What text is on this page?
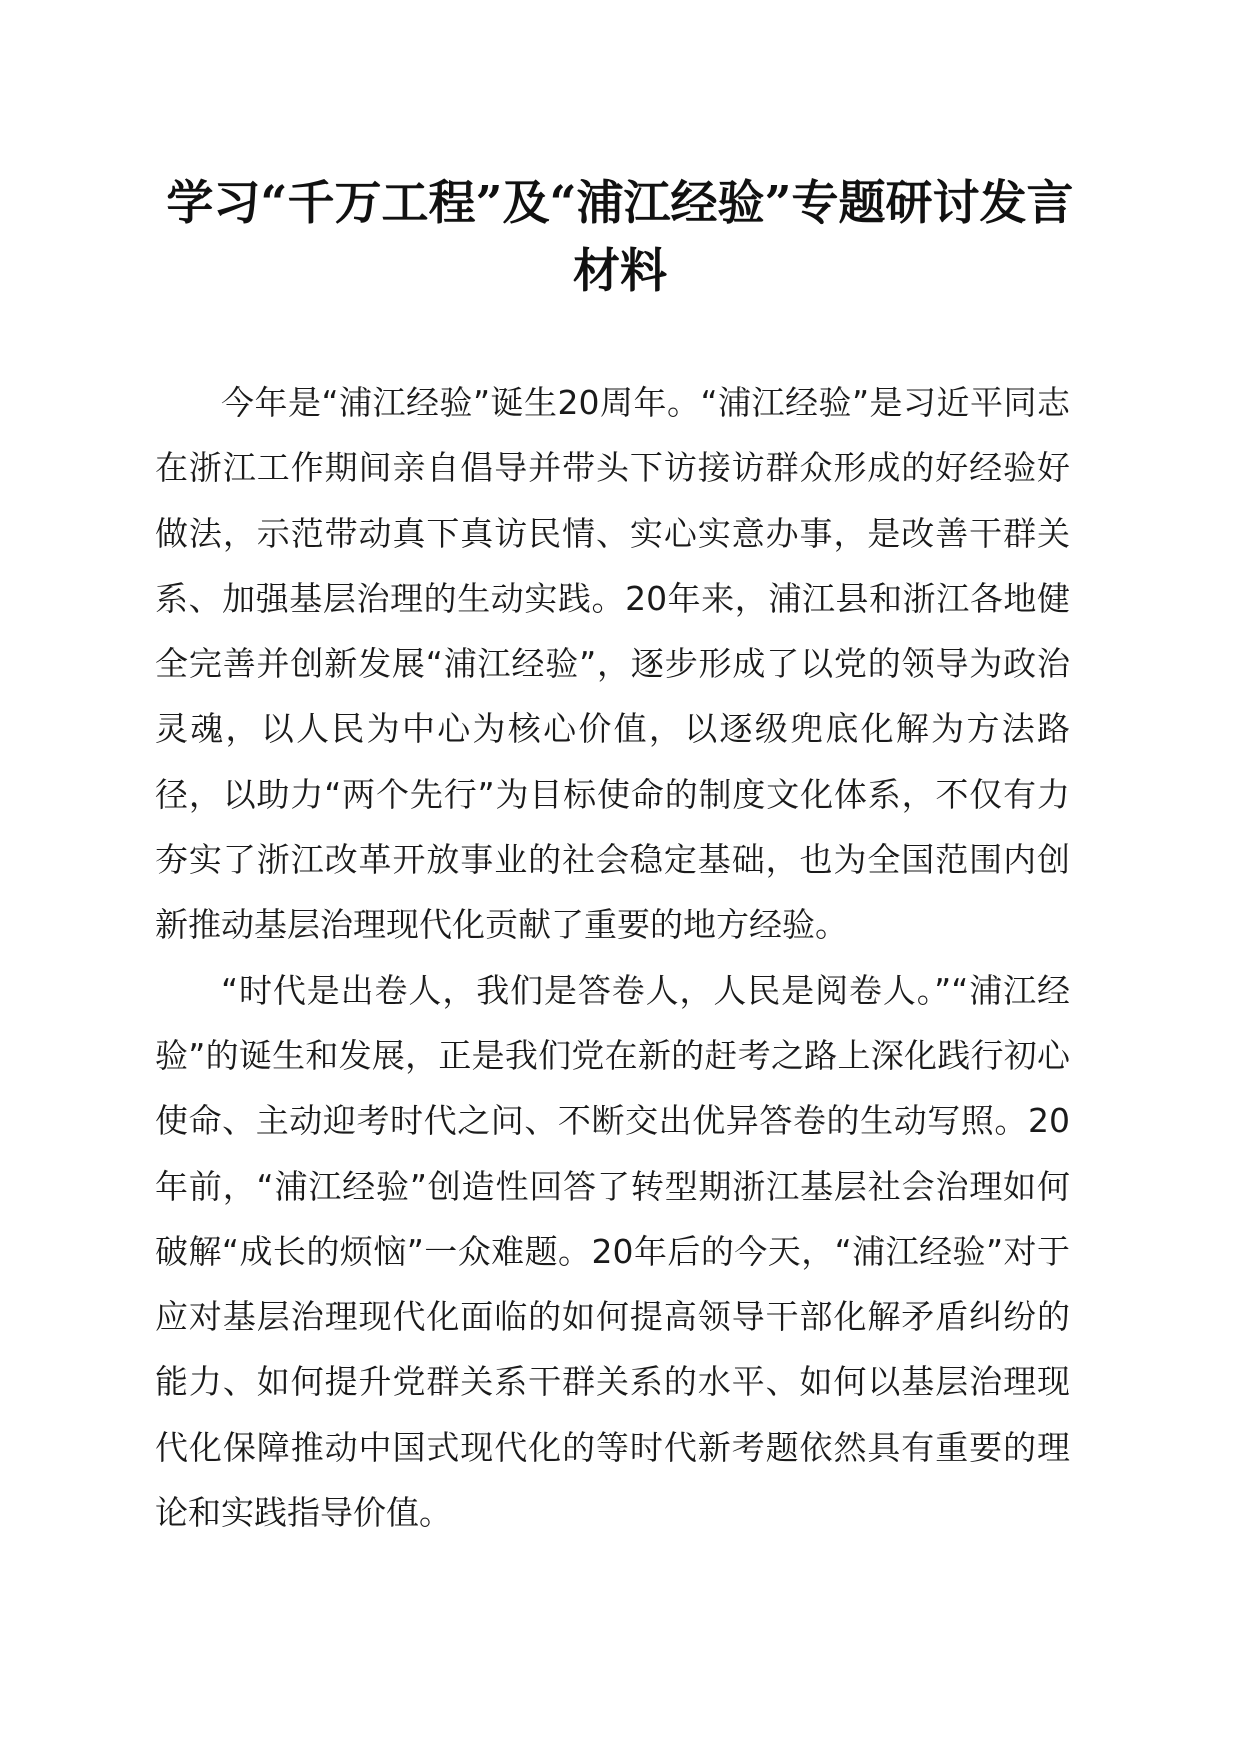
学习“千万工程”及“浦江经验”专题研讨发言材料

今年是“浦江经验”诞生20周年。“浦江经验”是习近平同志在浙江工作期间亲自倡导并带头下访接访群众形成的好经验好做法，示范带动真下真访民情、实心实意办事，是改善干群关系、加强基层治理的生动实践。20年来，浦江县和浙江各地健全完善并创新发展“浦江经验”，逐步形成了以党的领导为政治灵魂，以人民为中心为核心价值，以逐级兜底化解为方法路径，以助力“两个先行”为目标使命的制度文化体系，不仅有力夯实了浙江改革开放事业的社会稳定基础，也为全国范围内创新推动基层治理现代化贡献了重要的地方经验。

“时代是出卷人，我们是答卷人，人民是阅卷人。”“浦江经验”的诞生和发展，正是我们党在新的赶考之路上深化践行初心使命、主动迎考时代之问、不断交出优异答卷的生动写照。20年前，“浦江经验”创造性回答了转型期浙江基层社会治理如何破解“成长的烦恼”一众难题。20年后的今天，“浦江经验”对于应对基层治理现代化面临的如何提高领导干部化解矛盾纠纷的能力、如何提升党群关系干群关系的水平、如何以基层治理现代化保障推动中国式现代化的等时代新考题依然具有重要的理论和实践指导价值。
